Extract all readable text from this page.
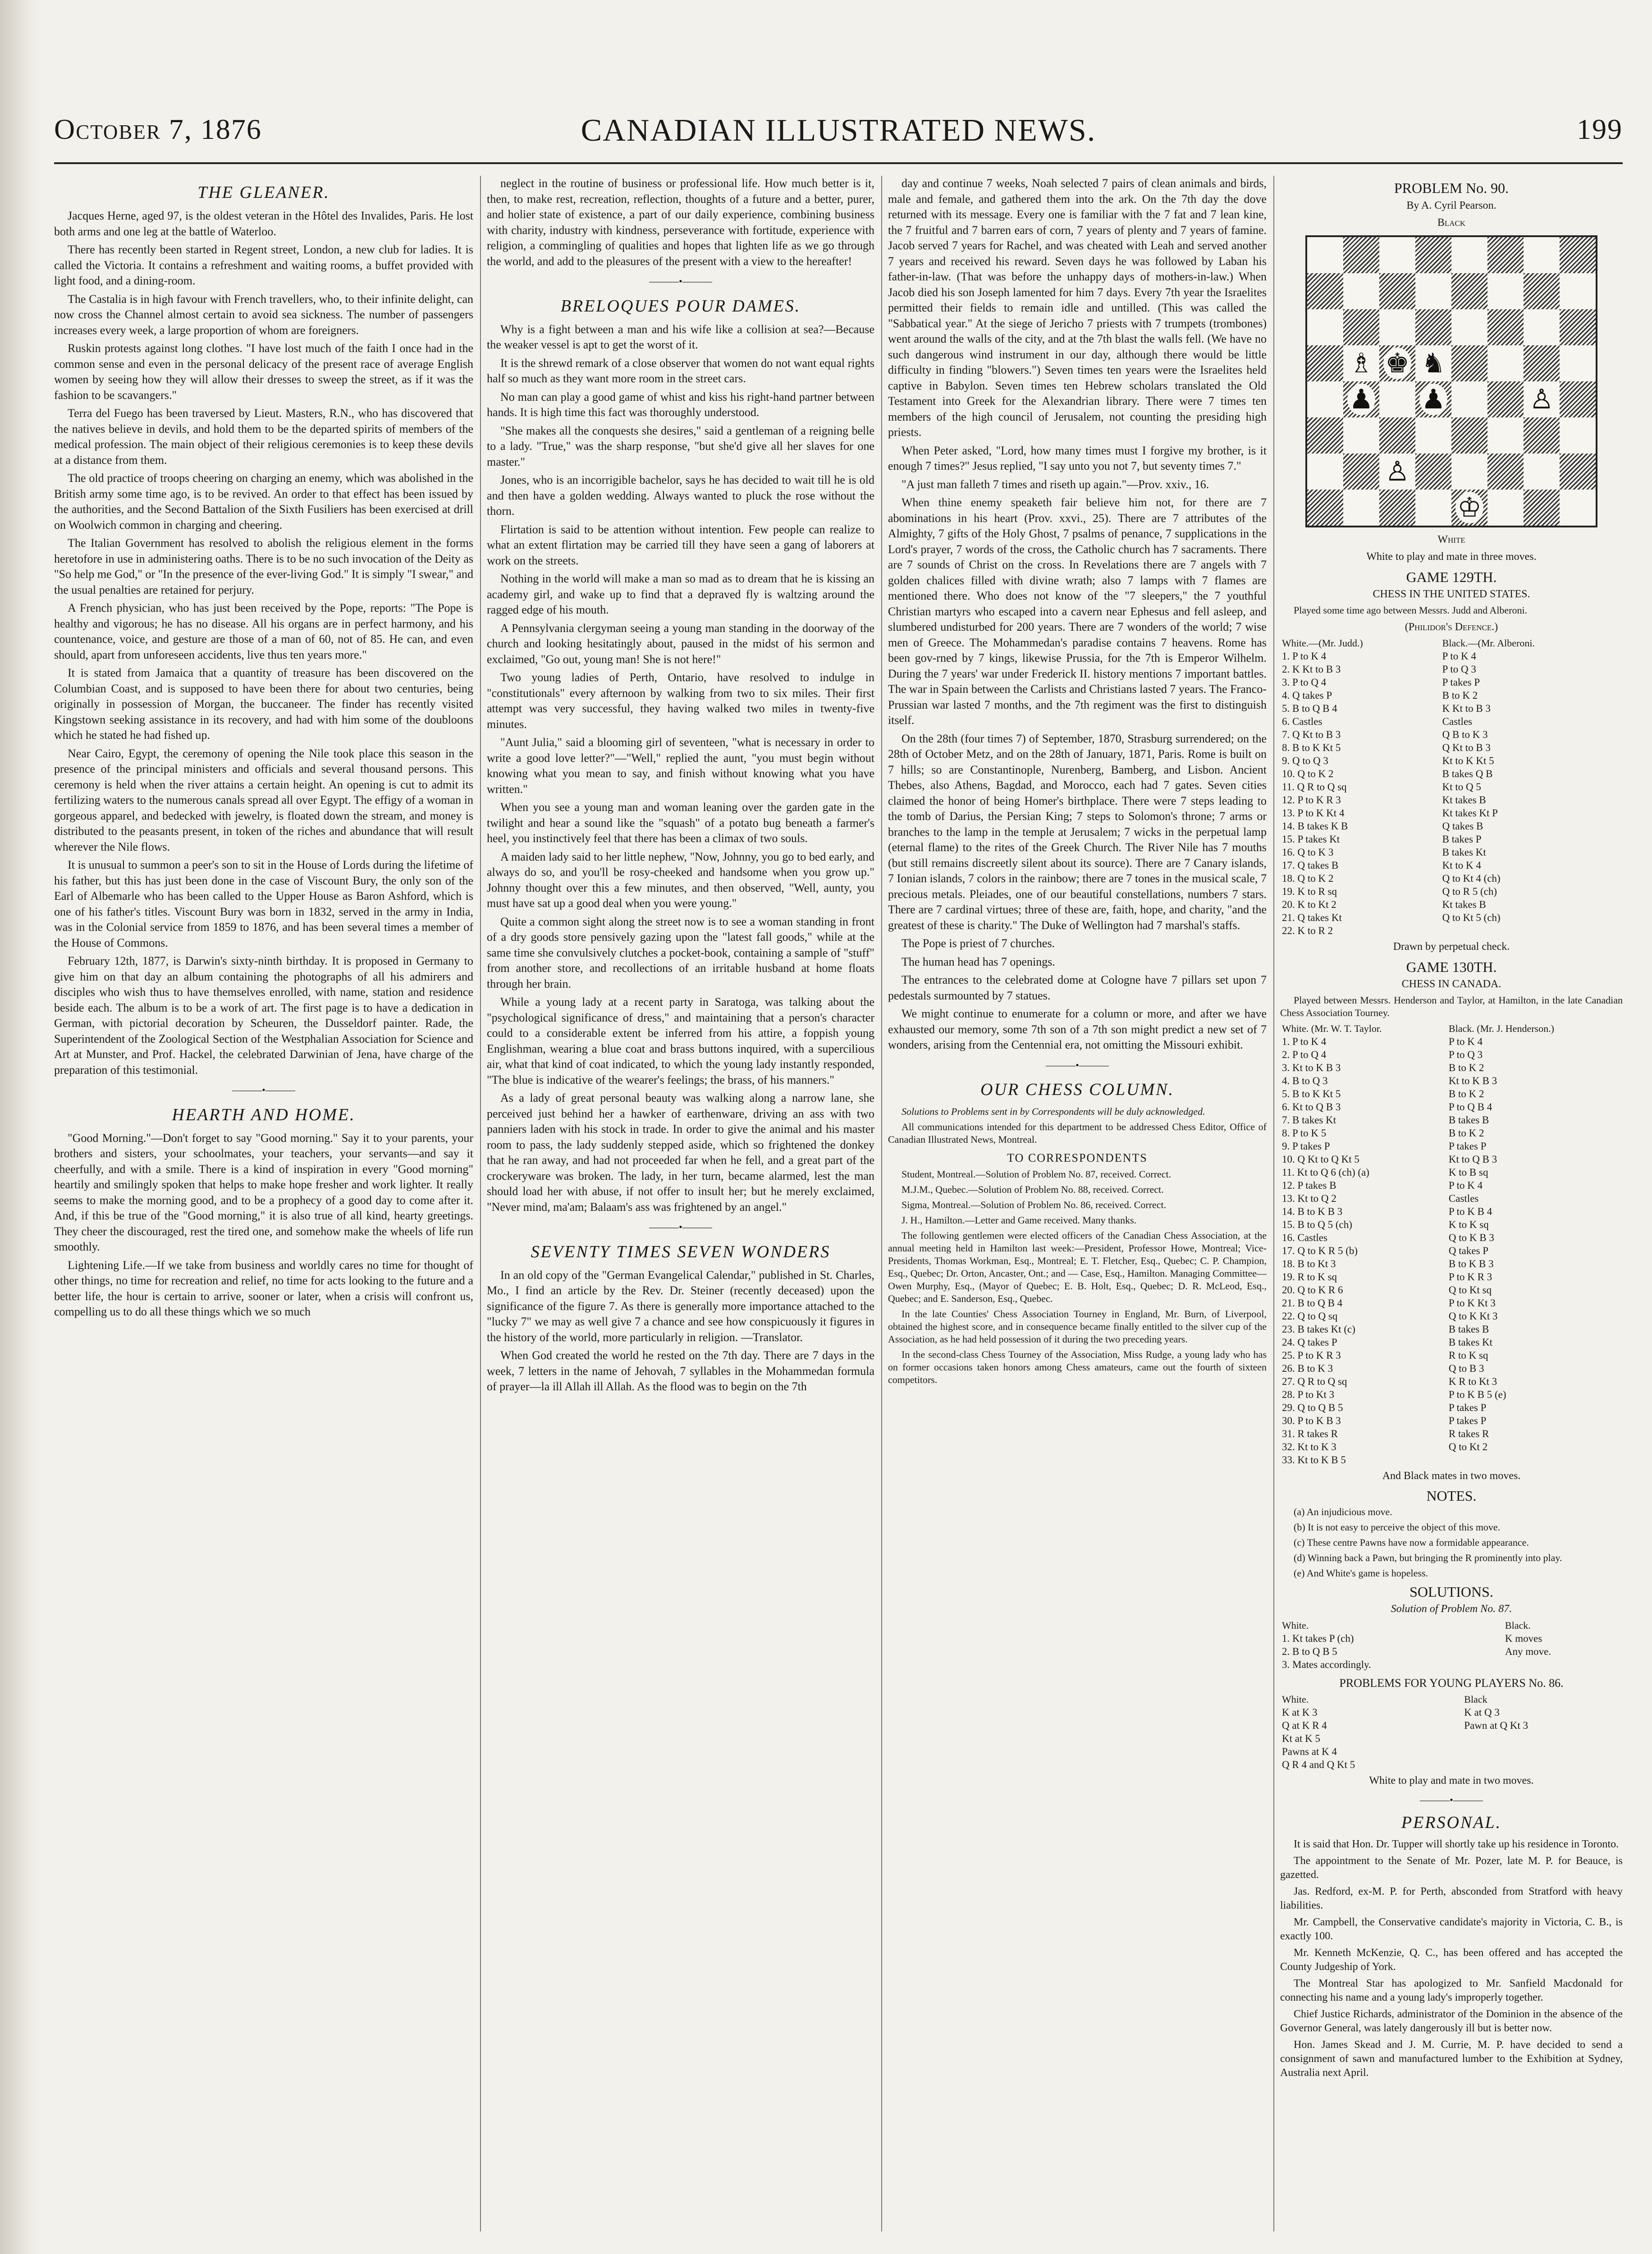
October 7, 1876	CANADIAN ILLUSTRATED NEWS.	199
THE GLEANER.

Jacques Herne, aged 97, is the oldest veteran in the Hôtel des Invalides, Paris. He lost both arms and one leg at the battle of Waterloo.

There has recently been started in Regent street, London, a new club for ladies. It is called the Victoria. It contains a refreshment and waiting rooms, a buffet provided with light food, and a dining-room.

The Castalia is in high favour with French travellers, who, to their infinite delight, can now cross the Channel almost certain to avoid sea sickness. The number of passengers increases every week, a large proportion of whom are foreigners.

Ruskin protests against long clothes. "I have lost much of the faith I once had in the common sense and even in the personal delicacy of the present race of average English women by seeing how they will allow their dresses to sweep the street, as if it was the fashion to be scavangers."

Terra del Fuego has been traversed by Lieut. Masters, R.N., who has discovered that the natives believe in devils, and hold them to be the departed spirits of members of the medical profession. The main object of their religious ceremonies is to keep these devils at a distance from them.

The old practice of troops cheering on charging an enemy, which was abolished in the British army some time ago, is to be revived. An order to that effect has been issued by the authorities, and the Second Battalion of the Sixth Fusiliers has been exercised at drill on Woolwich common in charging and cheering.

The Italian Government has resolved to abolish the religious element in the forms heretofore in use in administering oaths. There is to be no such invocation of the Deity as "So help me God," or "In the presence of the ever-living God." It is simply "I swear," and the usual penalties are retained for perjury.

A French physician, who has just been received by the Pope, reports: "The Pope is healthy and vigorous; he has no disease. All his organs are in perfect harmony, and his countenance, voice, and gesture are those of a man of 60, not of 85. He can, and even should, apart from unforeseen accidents, live thus ten years more."

It is stated from Jamaica that a quantity of treasure has been discovered on the Columbian Coast, and is supposed to have been there for about two centuries, being originally in possession of Morgan, the buccaneer. The finder has recently visited Kingstown seeking assistance in its recovery, and had with him some of the doubloons which he stated he had fished up.

Near Cairo, Egypt, the ceremony of opening the Nile took place this season in the presence of the principal ministers and officials and several thousand persons. This ceremony is held when the river attains a certain height. An opening is cut to admit its fertilizing waters to the numerous canals spread all over Egypt. The effigy of a woman in gorgeous apparel, and bedecked with jewelry, is floated down the stream, and money is distributed to the peasants present, in token of the riches and abundance that will result wherever the Nile flows.

It is unusual to summon a peer's son to sit in the House of Lords during the lifetime of his father, but this has just been done in the case of Viscount Bury, the only son of the Earl of Albemarle who has been called to the Upper House as Baron Ashford, which is one of his father's titles. Viscount Bury was born in 1832, served in the army in India, was in the Colonial service from 1859 to 1876, and has been several times a member of the House of Commons.

February 12th, 1877, is Darwin's sixty-ninth birthday. It is proposed in Germany to give him on that day an album containing the photographs of all his admirers and disciples who wish thus to have themselves enrolled, with name, station and residence beside each. The album is to be a work of art. The first page is to have a dedication in German, with pictorial decoration by Scheuren, the Dusseldorf painter. Rade, the Superintendent of the Zoological Section of the Westphalian Association for Science and Art at Munster, and Prof. Hackel, the celebrated Darwinian of Jena, have charge of the preparation of this testimonial.

———•———
HEARTH AND HOME.

"Good Morning."—Don't forget to say "Good morning." Say it to your parents, your brothers and sisters, your schoolmates, your teachers, your servants—and say it cheerfully, and with a smile. There is a kind of inspiration in every "Good morning" heartily and smilingly spoken that helps to make hope fresher and work lighter. It really seems to make the morning good, and to be a prophecy of a good day to come after it. And, if this be true of the "Good morning," it is also true of all kind, hearty greetings. They cheer the discouraged, rest the tired one, and somehow make the wheels of life run smoothly.

Lightening Life.—If we take from business and worldly cares no time for thought of other things, no time for recreation and relief, no time for acts looking to the future and a better life, the hour is certain to arrive, sooner or later, when a crisis will confront us, compelling us to do all these things which we so much

neglect in the routine of business or professional life. How much better is it, then, to make rest, recreation, reflection, thoughts of a future and a better, purer, and holier state of existence, a part of our daily experience, combining business with charity, industry with kindness, perseverance with fortitude, experience with religion, a commingling of qualities and hopes that lighten life as we go through the world, and add to the pleasures of the present with a view to the hereafter!

———•———
BRELOQUES POUR DAMES.

Why is a fight between a man and his wife like a collision at sea?—Because the weaker vessel is apt to get the worst of it.

It is the shrewd remark of a close observer that women do not want equal rights half so much as they want more room in the street cars.

No man can play a good game of whist and kiss his right-hand partner between hands. It is high time this fact was thoroughly understood.

"She makes all the conquests she desires," said a gentleman of a reigning belle to a lady. "True," was the sharp response, "but she'd give all her slaves for one master."

Jones, who is an incorrigible bachelor, says he has decided to wait till he is old and then have a golden wedding. Always wanted to pluck the rose without the thorn.

Flirtation is said to be attention without intention. Few people can realize to what an extent flirtation may be carried till they have seen a gang of laborers at work on the streets.

Nothing in the world will make a man so mad as to dream that he is kissing an academy girl, and wake up to find that a depraved fly is waltzing around the ragged edge of his mouth.

A Pennsylvania clergyman seeing a young man standing in the doorway of the church and looking hesitatingly about, paused in the midst of his sermon and exclaimed, "Go out, young man! She is not here!"

Two young ladies of Perth, Ontario, have resolved to indulge in "constitutionals" every afternoon by walking from two to six miles. Their first attempt was very successful, they having walked two miles in twenty-five minutes.

"Aunt Julia," said a blooming girl of seventeen, "what is necessary in order to write a good love letter?"—"Well," replied the aunt, "you must begin without knowing what you mean to say, and finish without knowing what you have written."

When you see a young man and woman leaning over the garden gate in the twilight and hear a sound like the "squash" of a potato bug beneath a farmer's heel, you instinctively feel that there has been a climax of two souls.

A maiden lady said to her little nephew, "Now, Johnny, you go to bed early, and always do so, and you'll be rosy-cheeked and handsome when you grow up." Johnny thought over this a few minutes, and then observed, "Well, aunty, you must have sat up a good deal when you were young."

Quite a common sight along the street now is to see a woman standing in front of a dry goods store pensively gazing upon the "latest fall goods," while at the same time she convulsively clutches a pocket-book, containing a sample of "stuff" from another store, and recollections of an irritable husband at home floats through her brain.

While a young lady at a recent party in Saratoga, was talking about the "psychological significance of dress," and maintaining that a person's character could to a considerable extent be inferred from his attire, a foppish young Englishman, wearing a blue coat and brass buttons inquired, with a supercilious air, what that kind of coat indicated, to which the young lady instantly responded, "The blue is indicative of the wearer's feelings; the brass, of his manners."

As a lady of great personal beauty was walking along a narrow lane, she perceived just behind her a hawker of earthenware, driving an ass with two panniers laden with his stock in trade. In order to give the animal and his master room to pass, the lady suddenly stepped aside, which so frightened the donkey that he ran away, and had not proceeded far when he fell, and a great part of the crockeryware was broken. The lady, in her turn, became alarmed, lest the man should load her with abuse, if not offer to insult her; but he merely exclaimed, "Never mind, ma'am; Balaam's ass was frightened by an angel."

———•———
SEVENTY TIMES SEVEN WONDERS

In an old copy of the "German Evangelical Calendar," published in St. Charles, Mo., I find an article by the Rev. Dr. Steiner (recently deceased) upon the significance of the figure 7. As there is generally more importance attached to the "lucky 7" we may as well give 7 a chance and see how conspicuously it figures in the history of the world, more particularly in religion. —Translator.

When God created the world he rested on the 7th day. There are 7 days in the week, 7 letters in the name of Jehovah, 7 syllables in the Mohammedan formula of prayer—la ill Allah ill Allah. As the flood was to begin on the 7th

day and continue 7 weeks, Noah selected 7 pairs of clean animals and birds, male and female, and gathered them into the ark. On the 7th day the dove returned with its message. Every one is familiar with the 7 fat and 7 lean kine, the 7 fruitful and 7 barren ears of corn, 7 years of plenty and 7 years of famine. Jacob served 7 years for Rachel, and was cheated with Leah and served another 7 years and received his reward. Seven days he was followed by Laban his father-in-law. (That was before the unhappy days of mothers-in-law.) When Jacob died his son Joseph lamented for him 7 days. Every 7th year the Israelites permitted their fields to remain idle and untilled. (This was called the "Sabbatical year." At the siege of Jericho 7 priests with 7 trumpets (trombones) went around the walls of the city, and at the 7th blast the walls fell. (We have no such dangerous wind instrument in our day, although there would be little difficulty in finding "blowers.") Seven times ten years were the Israelites held captive in Babylon. Seven times ten Hebrew scholars translated the Old Testament into Greek for the Alexandrian library. There were 7 times ten members of the high council of Jerusalem, not counting the presiding high priests.

When Peter asked, "Lord, how many times must I forgive my brother, is it enough 7 times?" Jesus replied, "I say unto you not 7, but seventy times 7."

"A just man falleth 7 times and riseth up again."—Prov. xxiv., 16.

When thine enemy speaketh fair believe him not, for there are 7 abominations in his heart (Prov. xxvi., 25). There are 7 attributes of the Almighty, 7 gifts of the Holy Ghost, 7 psalms of penance, 7 supplications in the Lord's prayer, 7 words of the cross, the Catholic church has 7 sacraments. There are 7 sounds of Christ on the cross. In Revelations there are 7 angels with 7 golden chalices filled with divine wrath; also 7 lamps with 7 flames are mentioned there. Who does not know of the "7 sleepers," the 7 youthful Christian martyrs who escaped into a cavern near Ephesus and fell asleep, and slumbered undisturbed for 200 years. There are 7 wonders of the world; 7 wise men of Greece. The Mohammedan's paradise contains 7 heavens. Rome has been gov-rned by 7 kings, likewise Prussia, for the 7th is Emperor Wilhelm. During the 7 years' war under Frederick II. history mentions 7 important battles. The war in Spain between the Carlists and Christians lasted 7 years. The Franco-Prussian war lasted 7 months, and the 7th regiment was the first to distinguish itself.

On the 28th (four times 7) of September, 1870, Strasburg surrendered; on the 28th of October Metz, and on the 28th of January, 1871, Paris. Rome is built on 7 hills; so are Constantinople, Nurenberg, Bamberg, and Lisbon. Ancient Thebes, also Athens, Bagdad, and Morocco, each had 7 gates. Seven cities claimed the honor of being Homer's birthplace. There were 7 steps leading to the tomb of Darius, the Persian King; 7 steps to Solomon's throne; 7 arms or branches to the lamp in the temple at Jerusalem; 7 wicks in the perpetual lamp (eternal flame) to the rites of the Greek Church. The River Nile has 7 mouths (but still remains discreetly silent about its source). There are 7 Canary islands, 7 Ionian islands, 7 colors in the rainbow; there are 7 tones in the musical scale, 7 precious metals. Pleiades, one of our beautiful constellations, numbers 7 stars. There are 7 cardinal virtues; three of these are, faith, hope, and charity, "and the greatest of these is charity." The Duke of Wellington had 7 marshal's staffs.

The Pope is priest of 7 churches.

The human head has 7 openings.

The entrances to the celebrated dome at Cologne have 7 pillars set upon 7 pedestals surmounted by 7 statues.

We might continue to enumerate for a column or more, and after we have exhausted our memory, some 7th son of a 7th son might predict a new set of 7 wonders, arising from the Centennial era, not omitting the Missouri exhibit.

———•———
OUR CHESS COLUMN.

Solutions to Problems sent in by Correspondents will be duly acknowledged.

All communications intended for this department to be addressed Chess Editor, Office of Canadian Illustrated News, Montreal.

TO CORRESPONDENTS

Student, Montreal.—Solution of Problem No. 87, received. Correct.

M.J.M., Quebec.—Solution of Problem No. 88, received. Correct.

Sigma, Montreal.—Solution of Problem No. 86, received. Correct.

J. H., Hamilton.—Letter and Game received. Many thanks.

The following gentlemen were elected officers of the Canadian Chess Association, at the annual meeting held in Hamilton last week:—President, Professor Howe, Montreal; Vice-Presidents, Thomas Workman, Esq., Montreal; E. T. Fletcher, Esq., Quebec; C. P. Champion, Esq., Quebec; Dr. Orton, Ancaster, Ont.; and — Case, Esq., Hamilton. Managing Committee—Owen Murphy, Esq., (Mayor of Quebec; E. B. Holt, Esq., Quebec; D. R. McLeod, Esq., Quebec; and E. Sanderson, Esq., Quebec.

In the late Counties' Chess Association Tourney in England, Mr. Burn, of Liverpool, obtained the highest score, and in consequence became finally entitled to the silver cup of the Association, as he had held possession of it during the two preceding years.

In the second-class Chess Tourney of the Association, Miss Rudge, a young lady who has on former occasions taken honors among Chess amateurs, came out the fourth of sixteen competitors.

PROBLEM No. 90.
By A. Cyril Pearson.
Black
♗ ♚ ♞
♟ ♟	♙
♙
♔
White
White to play and mate in three moves.
GAME 129TH.
CHESS IN THE UNITED STATES.

Played some time ago between Messrs. Judd and Alberoni.

(Philidor's Defence.)
White.—(Mr. Judd.)	Black.—(Mr. Alberoni.
1. P to K 4	P to K 4
2. K Kt to B 3	P to Q 3
3. P to Q 4	P takes P
4. Q takes P	B to K 2
5. B to Q B 4	K Kt to B 3
6. Castles	Castles
7. Q Kt to B 3	Q B to K 3
8. B to K Kt 5	Q Kt to B 3
9. Q to Q 3	Kt to K Kt 5
10. Q to K 2	B takes Q B
11. Q R to Q sq	Kt to Q 5
12. P to K R 3	Kt takes B
13. P to K Kt 4	Kt takes Kt P
14. B takes K B	Q takes B
15. P takes Kt	B takes P
16. Q to K 3	B takes Kt
17. Q takes B	Kt to K 4
18. Q to K 2	Q to Kt 4 (ch)
19. K to R sq	Q to R 5 (ch)
20. K to Kt 2	Kt takes B
21. Q takes Kt	Q to Kt 5 (ch)
22. K to R 2	
Drawn by perpetual check.
GAME 130TH.
CHESS IN CANADA.

Played between Messrs. Henderson and Taylor, at Hamilton, in the late Canadian Chess Association Tourney.

White. (Mr. W. T. Taylor.	Black. (Mr. J. Henderson.)
1. P to K 4	P to K 4
2. P to Q 4	P to Q 3
3. Kt to K B 3	B to K 2
4. B to Q 3	Kt to K B 3
5. B to K Kt 5	B to K 2
6. Kt to Q B 3	P to Q B 4
7. B takes Kt	B takes B
8. P to K 5	B to K 2
9. P takes P	P takes P
10. Q Kt to Q Kt 5	Kt to Q B 3
11. Kt to Q 6 (ch) (a)	K to B sq
12. P takes B	P to K 4
13. Kt to Q 2	Castles
14. B to K B 3	P to K B 4
15. B to Q 5 (ch)	K to K sq
16. Castles	Q to K B 3
17. Q to K R 5 (b)	Q takes P
18. B to Kt 3	B to K B 3
19. R to K sq	P to K R 3
20. Q to K R 6	Q to Kt sq
21. B to Q B 4	P to K Kt 3
22. Q to Q sq	Q to K Kt 3
23. B takes Kt (c)	B takes B
24. Q takes P	B takes Kt
25. P to K R 3	R to K sq
26. B to K 3	Q to B 3
27. Q R to Q sq	K R to Kt 3
28. P to Kt 3	P to K B 5 (e)
29. Q to Q B 5	P takes P
30. P to K B 3	P takes P
31. R takes R	R takes R
32. Kt to K 3	Q to Kt 2
33. Kt to K B 5	
And Black mates in two moves.
NOTES.

(a) An injudicious move.

(b) It is not easy to perceive the object of this move.

(c) These centre Pawns have now a formidable appearance.

(d) Winning back a Pawn, but bringing the R prominently into play.

(e) And White's game is hopeless.

SOLUTIONS.
Solution of Problem No. 87.
White.	Black.
1. Kt takes P (ch)	K moves
2. B to Q B 5	Any move.
3. Mates accordingly.	
PROBLEMS FOR YOUNG PLAYERS No. 86.
White.	Black
K at K 3	K at Q 3
Q at K R 4	Pawn at Q Kt 3
Kt at K 5	
Pawns at K 4	
Q R 4 and Q Kt 5	
White to play and mate in two moves.
———•———
PERSONAL.

It is said that Hon. Dr. Tupper will shortly take up his residence in Toronto.

The appointment to the Senate of Mr. Pozer, late M. P. for Beauce, is gazetted.

Jas. Redford, ex-M. P. for Perth, absconded from Stratford with heavy liabilities.

Mr. Campbell, the Conservative candidate's majority in Victoria, C. B., is exactly 100.

Mr. Kenneth McKenzie, Q. C., has been offered and has accepted the County Judgeship of York.

The Montreal Star has apologized to Mr. Sanfield Macdonald for connecting his name and a young lady's improperly together.

Chief Justice Richards, administrator of the Dominion in the absence of the Governor General, was lately dangerously ill but is better now.

Hon. James Skead and J. M. Currie, M. P. have decided to send a consignment of sawn and manufactured lumber to the Exhibition at Sydney, Australia next April.
